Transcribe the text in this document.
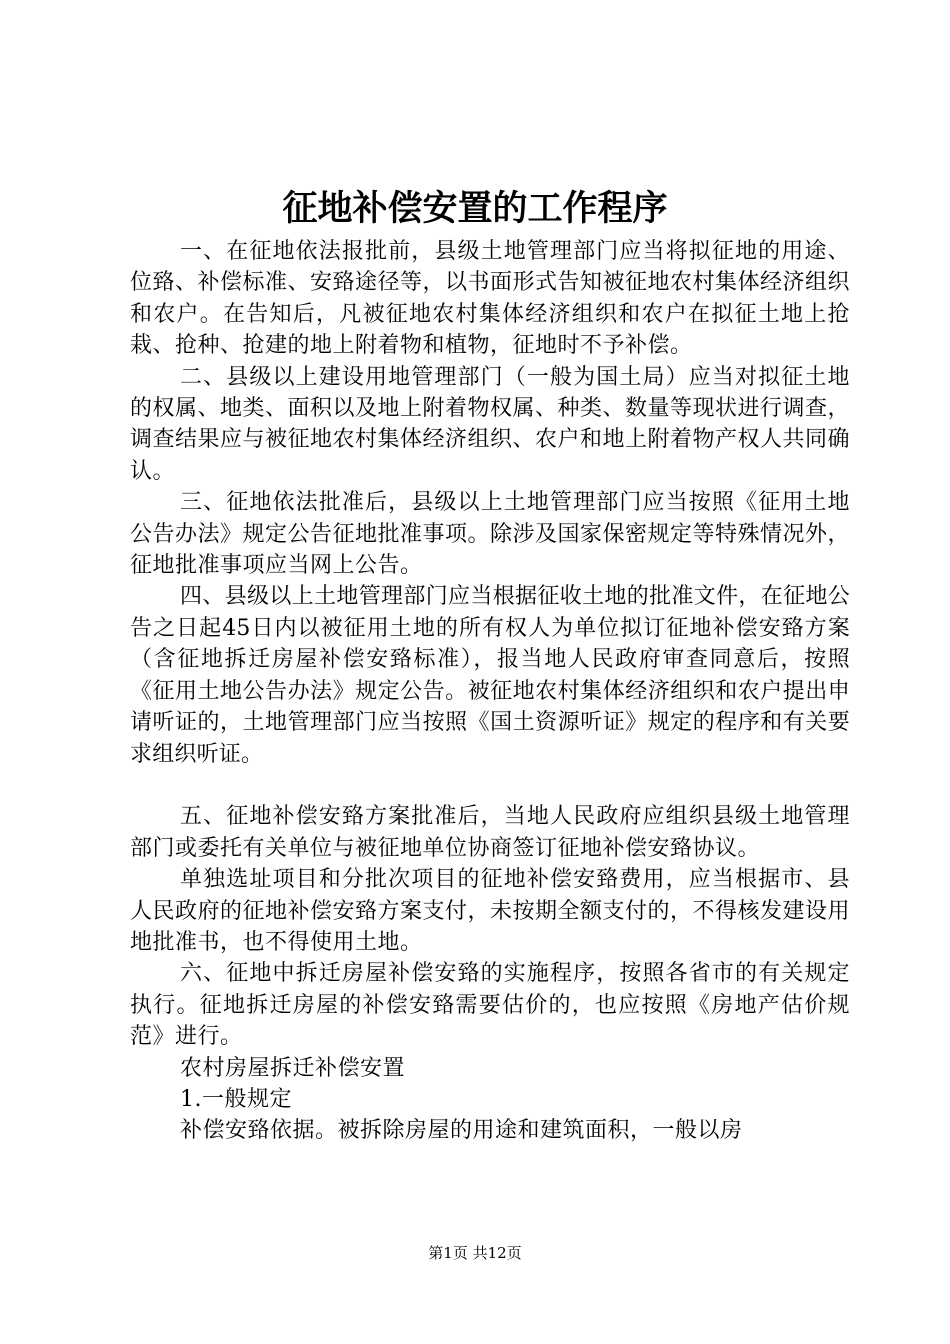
征地补偿安置的工作程序

一、在征地依法报批前，县级土地管理部门应当将拟征地的用途、位臵、补偿标准、安臵途径等，以书面形式告知被征地农村集体经济组织和农户。在告知后，凡被征地农村集体经济组织和农户在拟征土地上抢栽、抢种、抢建的地上附着物和植物，征地时不予补偿。

二、县级以上建设用地管理部门（一般为国土局）应当对拟征土地的权属、地类、面积以及地上附着物权属、种类、数量等现状进行调查，调查结果应与被征地农村集体经济组织、农户和地上附着物产权人共同确认。

三、征地依法批准后，县级以上土地管理部门应当按照《征用土地公告办法》规定公告征地批准事项。除涉及国家保密规定等特殊情况外，征地批准事项应当网上公告。

四、县级以上土地管理部门应当根据征收土地的批准文件，在征地公告之日起45日内以被征用土地的所有权人为单位拟订征地补偿安臵方案（含征地拆迁房屋补偿安臵标准），报当地人民政府审查同意后，按照《征用土地公告办法》规定公告。被征地农村集体经济组织和农户提出申请听证的，土地管理部门应当按照《国土资源听证》规定的程序和有关要求组织听证。

五、征地补偿安臵方案批准后，当地人民政府应组织县级土地管理部门或委托有关单位与被征地单位协商签订征地补偿安臵协议。

单独选址项目和分批次项目的征地补偿安臵费用，应当根据市、县人民政府的征地补偿安臵方案支付，未按期全额支付的，不得核发建设用地批准书，也不得使用土地。

六、征地中拆迁房屋补偿安臵的实施程序，按照各省市的有关规定执行。征地拆迁房屋的补偿安臵需要估价的，也应按照《房地产估价规范》进行。

农村房屋拆迁补偿安置

1.一般规定

补偿安臵依据。被拆除房屋的用途和建筑面积，一般以房

第1页 共12页
